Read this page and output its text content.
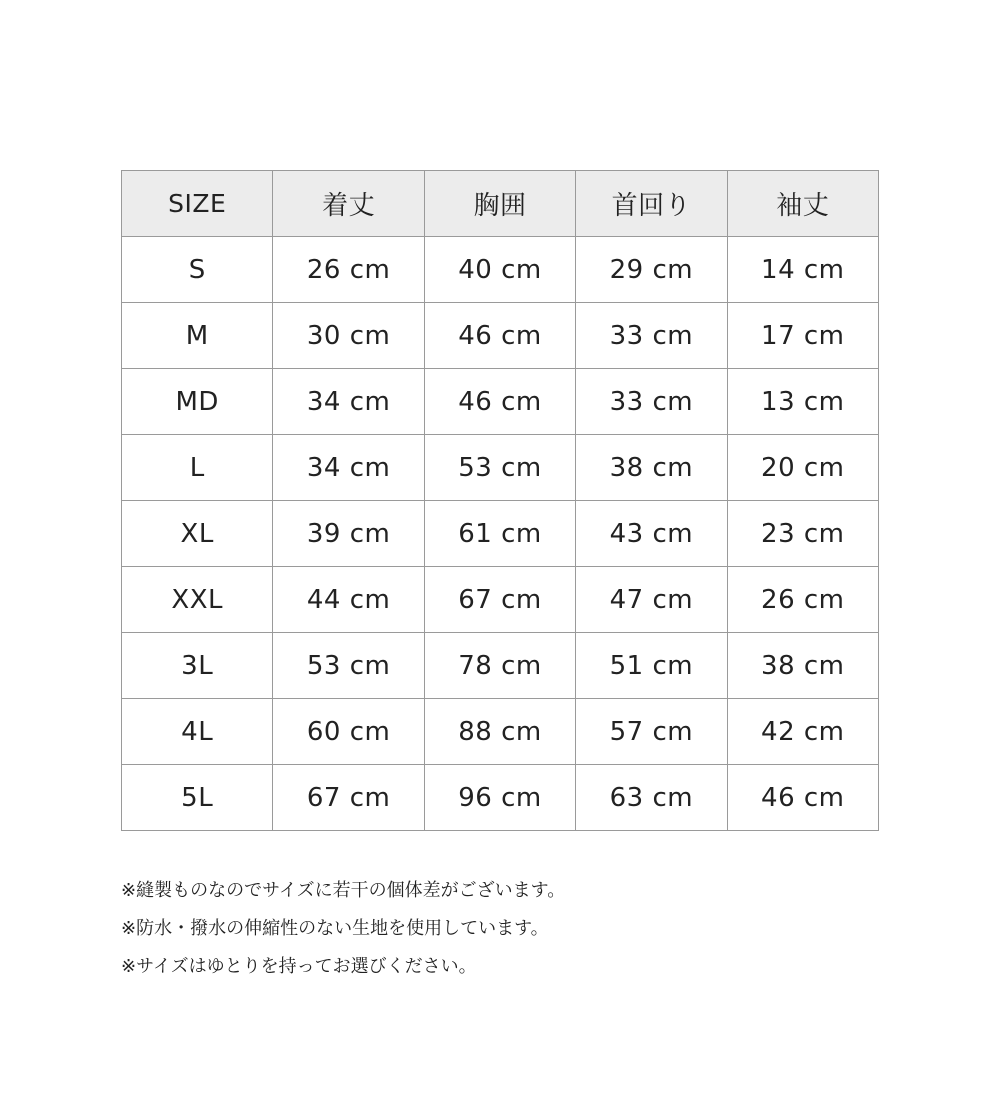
SIZE	着丈	胸囲	首回り	袖丈
S	26 cm	40 cm	29 cm	14 cm
M	30 cm	46 cm	33 cm	17 cm
MD	34 cm	46 cm	33 cm	13 cm
L	34 cm	53 cm	38 cm	20 cm
XL	39 cm	61 cm	43 cm	23 cm
XXL	44 cm	67 cm	47 cm	26 cm
3L	53 cm	78 cm	51 cm	38 cm
4L	60 cm	88 cm	57 cm	42 cm
5L	67 cm	96 cm	63 cm	46 cm
※縫製ものなのでサイズに若干の個体差がございます。
※防水・撥水の伸縮性のない生地を使用しています。
※サイズはゆとりを持ってお選びください。
